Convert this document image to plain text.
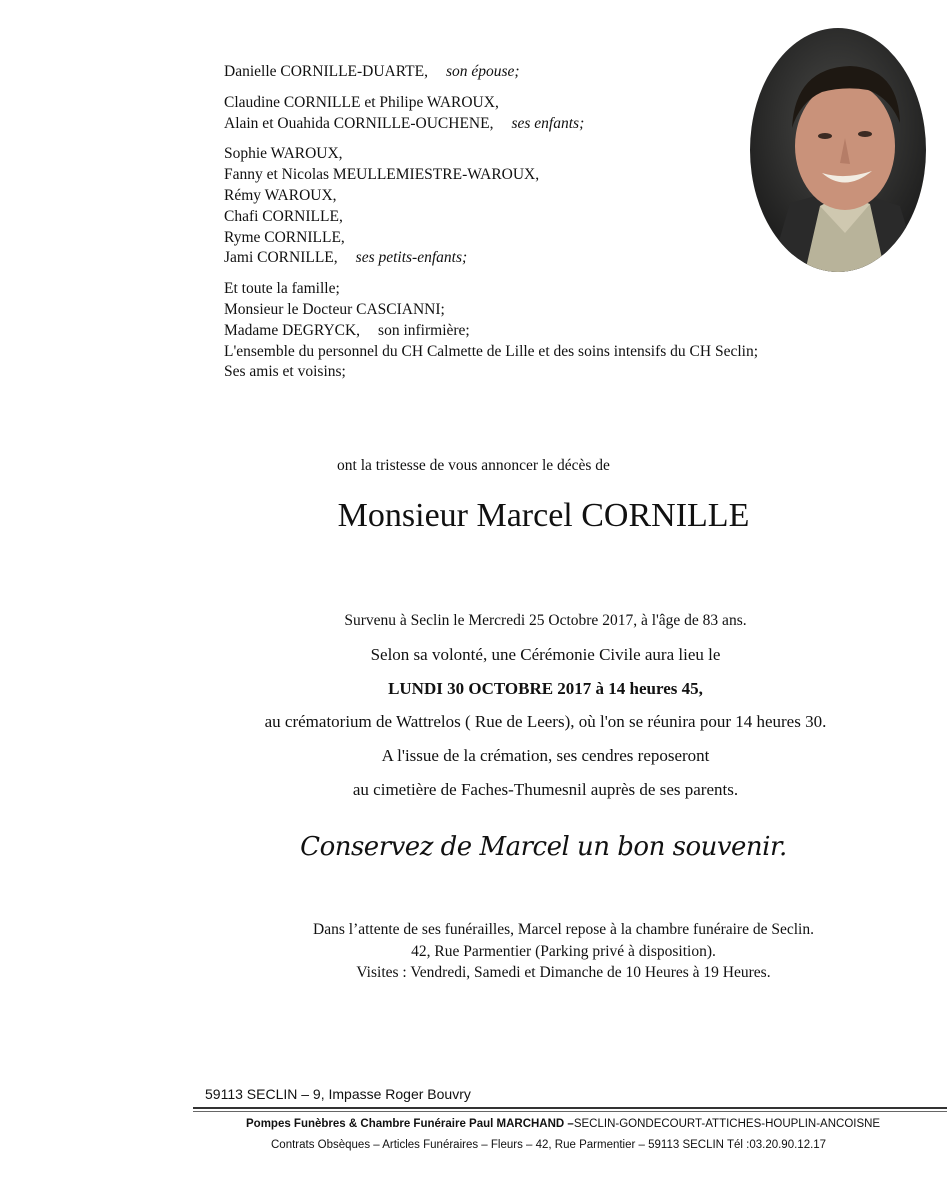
Danielle CORNILLE-DUARTE, son épouse;
Claudine CORNILLE et Philipe WAROUX,
Alain et Ouahida CORNILLE-OUCHENE, ses enfants;
Sophie WAROUX,
Fanny et Nicolas MEULLEMIESTRE-WAROUX,
Rémy WAROUX,
Chafi CORNILLE,
Ryme CORNILLE,
Jami CORNILLE, ses petits-enfants;
Et toute la famille;
Monsieur le Docteur CASCIANNI;
Madame DEGRYCK, son infirmière;
L'ensemble du personnel du CH Calmette de Lille et des soins intensifs du CH Seclin;
Ses amis et voisins;
ont la tristesse de vous annoncer le décès de
Monsieur Marcel CORNILLE
Survenu à Seclin le Mercredi 25 Octobre 2017, à l'âge de 83 ans.
Selon sa volonté, une Cérémonie Civile aura lieu le
LUNDI 30 OCTOBRE 2017 à 14 heures 45,
au crématorium de Wattrelos ( Rue de Leers), où l'on se réunira pour 14 heures 30.
A l'issue de la crémation, ses cendres reposeront
au cimetière de Faches-Thumesnil auprès de ses parents.
Conservez de Marcel un bon souvenir.
Dans l’attente de ses funérailles, Marcel repose à la chambre funéraire de Seclin.
42, Rue Parmentier (Parking privé à disposition).
Visites : Vendredi, Samedi et Dimanche de 10 Heures à 19 Heures.
59113 SECLIN – 9, Impasse Roger Bouvry
Pompes Funèbres & Chambre Funéraire Paul MARCHAND –SECLIN-GONDECOURT-ATTICHES-HOUPLIN-ANCOISNE
Contrats Obsèques – Articles Funéraires – Fleurs – 42, Rue Parmentier – 59113 SECLIN Tél :03.20.90.12.17
